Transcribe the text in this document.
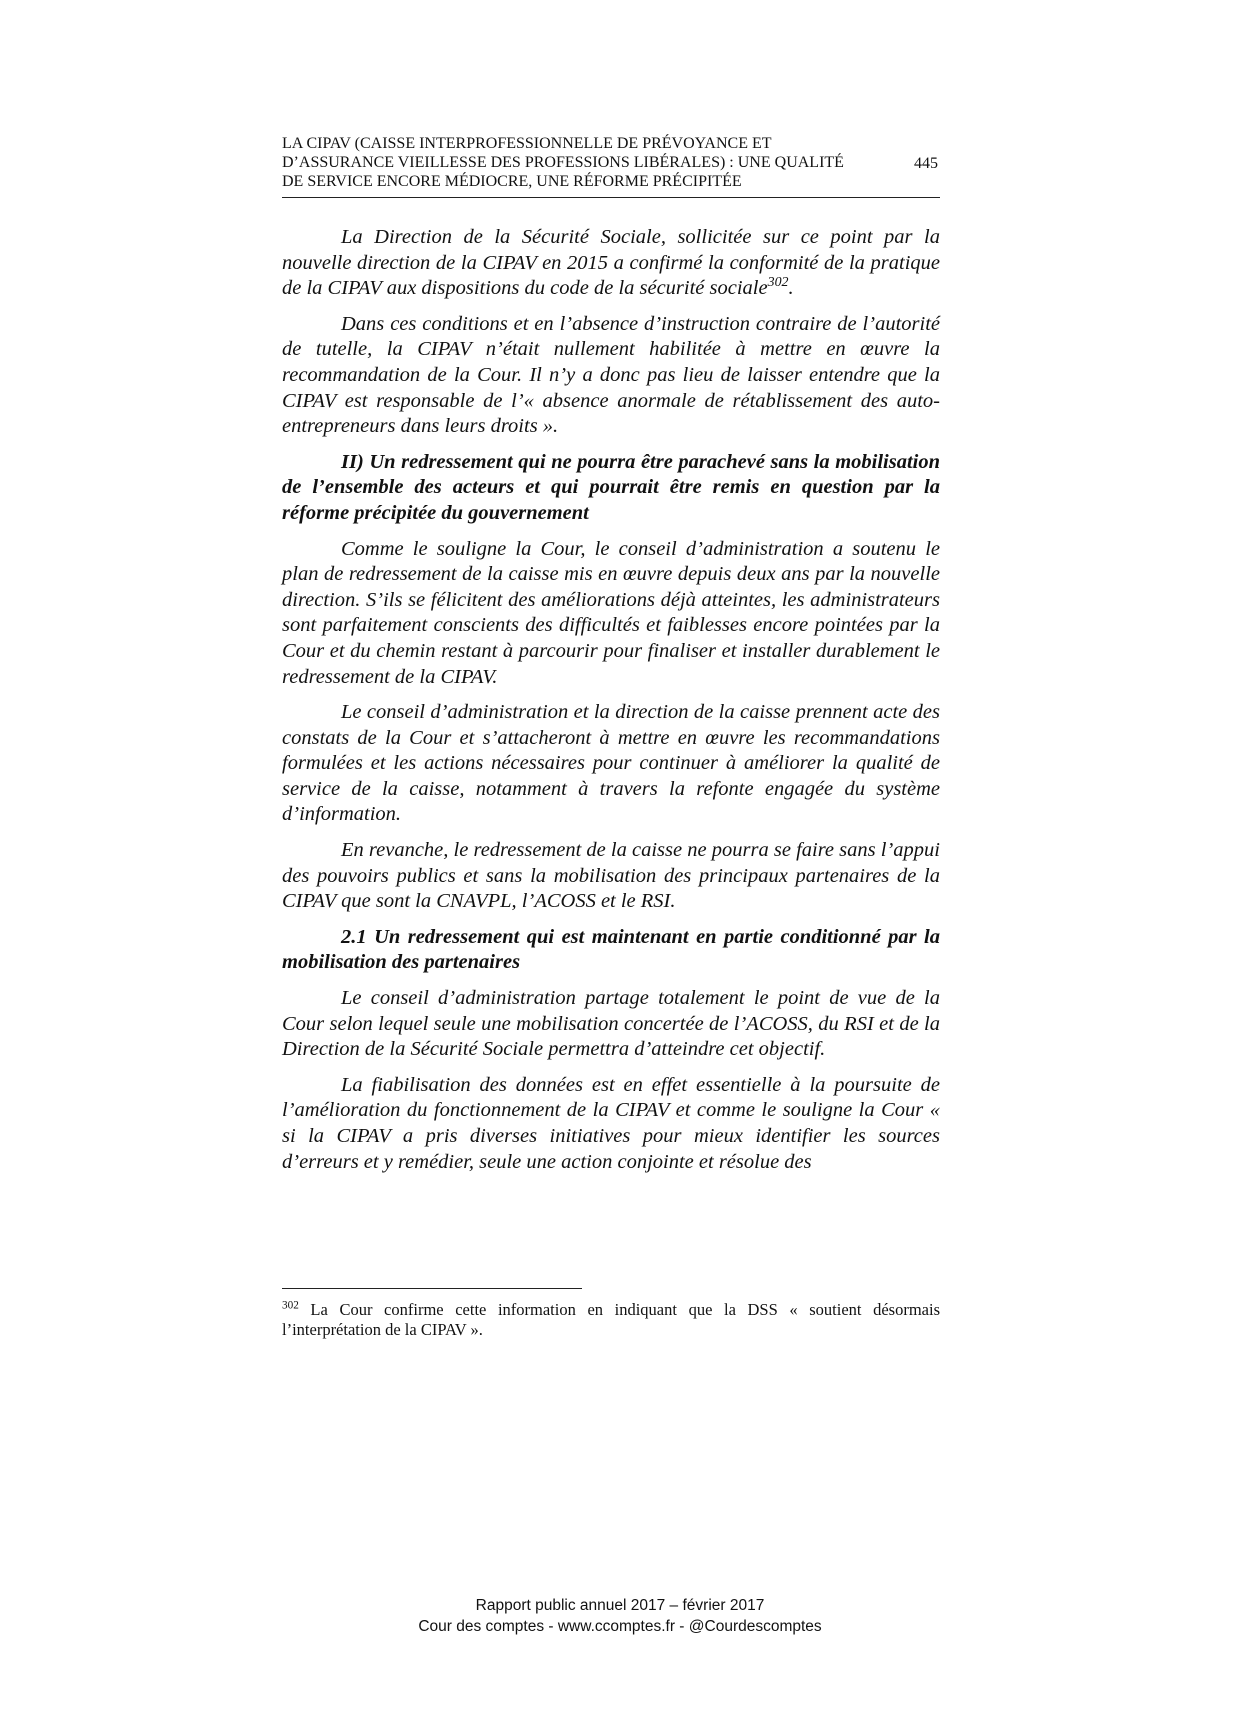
LA CIPAV (CAISSE INTERPROFESSIONNELLE DE PRÉVOYANCE ET
D’ASSURANCE VIEILLESSE DES PROFESSIONS LIBÉRALES) : UNE QUALITÉ
DE SERVICE ENCORE MÉDIOCRE, UNE RÉFORME PRÉCIPITÉE

445

La Direction de la Sécurité Sociale, sollicitée sur ce point par la nouvelle direction de la CIPAV en 2015 a confirmé la conformité de la pratique de la CIPAV aux dispositions du code de la sécurité sociale$^{302}$.

Dans ces conditions et en l’absence d’instruction contraire de l’autorité de tutelle, la CIPAV n’était nullement habilitée à mettre en œuvre la recommandation de la Cour. Il n’y a donc pas lieu de laisser entendre que la CIPAV est responsable de l’« absence anormale de rétablissement des auto-entrepreneurs dans leurs droits ».

II) Un redressement qui ne pourra être parachevé sans la mobilisation de l’ensemble des acteurs et qui pourrait être remis en question par la réforme précipitée du gouvernement

Comme le souligne la Cour, le conseil d’administration a soutenu le plan de redressement de la caisse mis en œuvre depuis deux ans par la nouvelle direction. S’ils se félicitent des améliorations déjà atteintes, les administrateurs sont parfaitement conscients des difficultés et faiblesses encore pointées par la Cour et du chemin restant à parcourir pour finaliser et installer durablement le redressement de la CIPAV.

Le conseil d’administration et la direction de la caisse prennent acte des constats de la Cour et s’attacheront à mettre en œuvre les recommandations formulées et les actions nécessaires pour continuer à améliorer la qualité de service de la caisse, notamment à travers la refonte engagée du système d’information.

En revanche, le redressement de la caisse ne pourra se faire sans l’appui des pouvoirs publics et sans la mobilisation des principaux partenaires de la CIPAV que sont la CNAVPL, l’ACOSS et le RSI.

2.1 Un redressement qui est maintenant en partie conditionné par la mobilisation des partenaires

Le conseil d’administration partage totalement le point de vue de la Cour selon lequel seule une mobilisation concertée de l’ACOSS, du RSI et de la Direction de la Sécurité Sociale permettra d’atteindre cet objectif.

La fiabilisation des données est en effet essentielle à la poursuite de l’amélioration du fonctionnement de la CIPAV et comme le souligne la Cour « si la CIPAV a pris diverses initiatives pour mieux identifier les sources d’erreurs et y remédier, seule une action conjointe et résolue des

$^{302}$ La Cour confirme cette information en indiquant que la DSS « soutient désormais l’interprétation de la CIPAV ».

Rapport public annuel 2017 – février 2017
Cour des comptes - www.ccomptes.fr - @Courdescomptes
